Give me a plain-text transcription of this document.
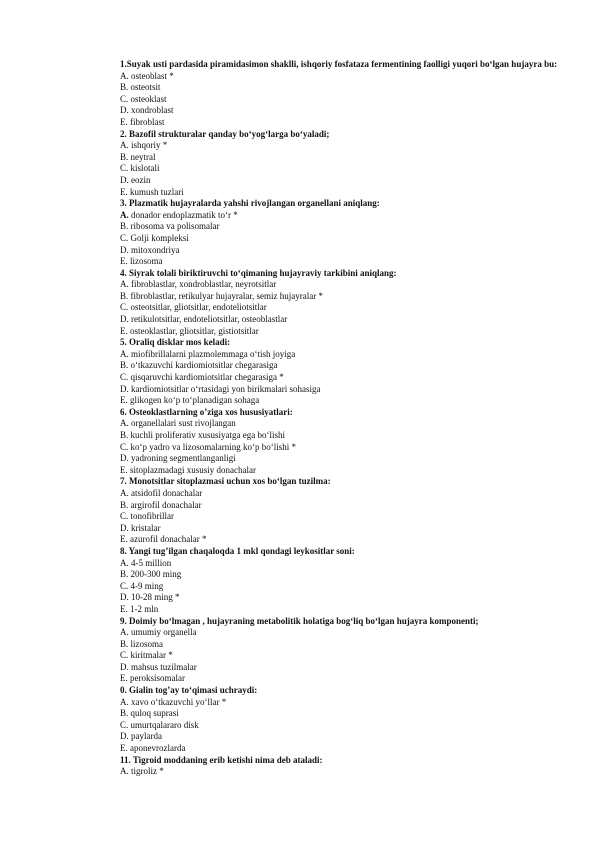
1.Suyak usti pardasida piramidasimon shaklli, ishqoriy fosfataza fermentining faolligi yuqori bo‘lgan hujayra bu:
A. osteoblast *
B. osteotsit
C. osteoklast
D. xondroblast
E. fibroblast
2. Bazofil strukturalar qanday bo‘yog‘larga bo‘yaladi;
A. ishqoriy *
B. neytral
C. kislotali
D. eozin
E. kumush tuzlari
3. Plazmatik hujayralarda yahshi rivojlangan organellani aniqlang:
A. donador endoplazmatik to‘r *
B. ribosoma va polisomalar
C. Golji kompleksi
D. mitoxondriya
E. lizosoma
4. Siyrak tolali biriktiruvchi to‘qimaning hujayraviy tarkibini aniqlang:
A. fibroblastlar, xondroblastlar, neyrotsitlar
B. fibroblastlar, retikulyar hujayralar, semiz hujayralar *
C. osteotsitlar, gliotsitlar, endoteliotsitlar
D. retikulotsitlar, endoteliotsitlar, osteoblastlar
E. osteoklastlar, gliotsitlar, gistiotsitlar
5. Oraliq disklar mos keladi:
A. miofibrillalarni plazmolemmaga o‘tish joyiga
B. o‘tkazuvchi kardiomiotsitlar chegarasiga
C. qisqaruvchi kardiomiotsitlar chegarasiga *
D. kardiomiotsitlar o‘rtasidagi yon birikmalari sohasiga
E. glikogen ko‘p to‘planadigan sohaga
6. Osteoklastlarning o’ziga xos hususiyatlari:
A. organellalari sust rivojlangan
B. kuchli proliferativ xususiyatga ega bo‘lishi
C. ko‘p yadro va lizosomalarning ko‘p bo‘lishi *
D. yadroning segmentlanganligi
E. sitoplazmadagi xususiy donachalar
7. Monotsitlar sitoplazmasi uchun xos bo‘lgan tuzilma:
A. atsidofil donachalar
B. argirofil donachalar
C. tonofibrillar
D. kristalar
E. azurofil donachalar *
8. Yangi tug’ilgan chaqaloqda 1 mkl qondagi leykositlar soni:
A. 4-5 million
B. 200-300 ming
C. 4-9 ming
D. 10-28 ming *
E. 1-2 mln
9. Doimiy bo‘lmagan , hujayraning metabolitik holatiga bog‘liq bo‘lgan hujayra komponenti;
A. umumiy organella
B. lizosoma
C. kiritmalar *
D. mahsus tuzilmalar
E. peroksisomalar
0. Gialin tog’ay to‘qimasi uchraydi:
A. xavo o‘tkazuvchi yo‘llar *
B. quloq suprasi
C. umurtqalararo disk
D. paylarda
E. aponevrozlarda
11. Tigroid moddaning erib ketishi nima deb ataladi:
A. tigroliz *
